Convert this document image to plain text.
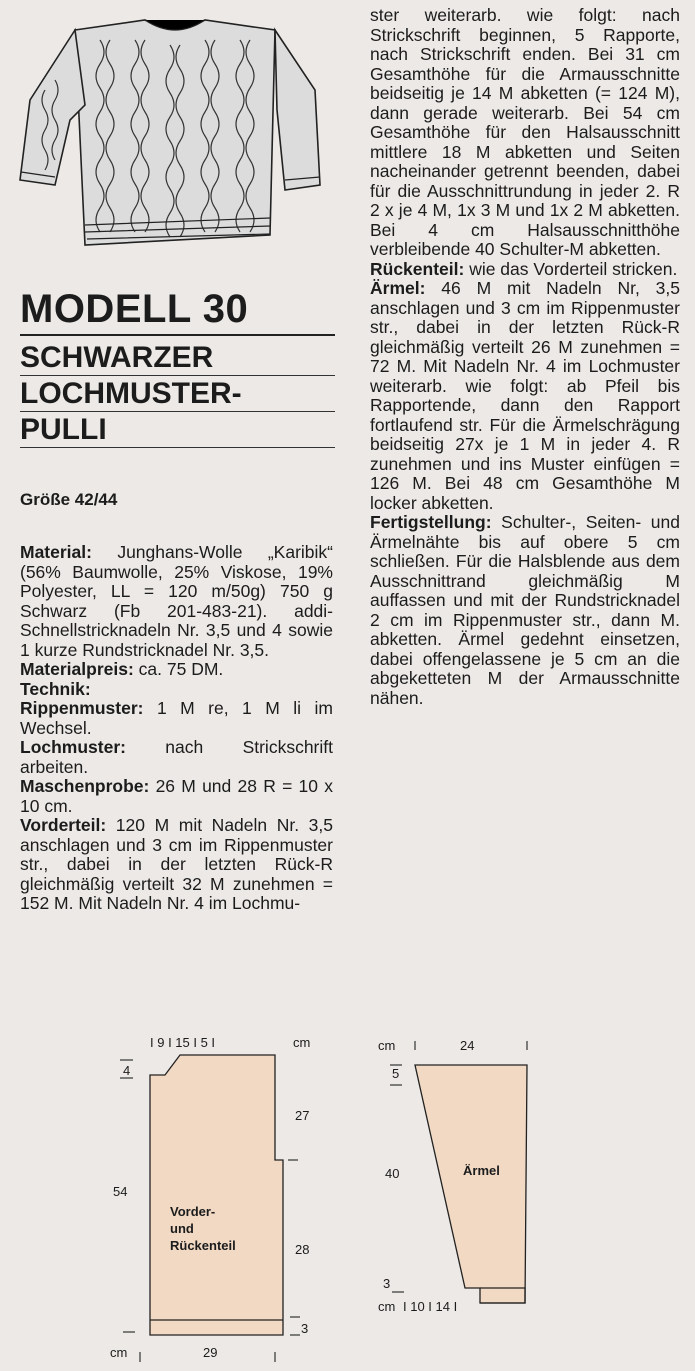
MODELL 30
SCHWARZER
LOCHMUSTER-
PULLI
Größe 42/44

Material: Junghans-Wolle „Karibik“ (56% Baumwolle, 25% Viskose, 19% Polyester, LL = 120 m/50g) 750 g Schwarz (Fb 201-483-21). addi-Schnellstricknadeln Nr. 3,5 und 4 sowie 1 kurze Rundstricknadel Nr. 3,5.

Materialpreis: ca. 75 DM.

Technik:

Rippenmuster: 1 M re, 1 M li im Wechsel.

Lochmuster: nach Strickschrift arbeiten.

Maschenprobe: 26 M und 28 R = 10 x 10 cm.

Vorderteil: 120 M mit Nadeln Nr. 3,5 anschlagen und 3 cm im Rippenmuster str., dabei in der letzten Rück-R gleichmäßig verteilt 32 M zunehmen = 152 M. Mit Nadeln Nr. 4 im Lochmu-

ster weiterarb. wie folgt: nach Strickschrift beginnen, 5 Rapporte, nach Strickschrift enden. Bei 31 cm Gesamthöhe für die Armausschnitte beidseitig je 14 M abketten (= 124 M), dann gerade weiterarb. Bei 54 cm Gesamthöhe für den Halsausschnitt mittlere 18 M abketten und Seiten nacheinander getrennt beenden, dabei für die Ausschnittrundung in jeder 2. R 2 x je 4 M, 1x 3 M und 1x 2 M abketten. Bei 4 cm Halsausschnitthöhe verbleibende 40 Schulter-M abketten.

Rückenteil: wie das Vorderteil stricken.

Ärmel: 46 M mit Nadeln Nr, 3,5 anschlagen und 3 cm im Rippenmuster str., dabei in der letzten Rück-R gleichmäßig verteilt 26 M zunehmen = 72 M. Mit Nadeln Nr. 4 im Lochmuster weiterarb. wie folgt: ab Pfeil bis Rapportende, dann den Rapport fortlaufend str. Für die Ärmelschrägung beidseitig 27x je 1 M in jeder 4. R zunehmen und ins Muster einfügen = 126 M. Bei 48 cm Gesamthöhe M locker abketten.

Fertigstellung: Schulter-, Seiten- und Ärmelnähte bis auf obere 5 cm schließen. Für die Halsblende aus dem Ausschnittrand gleichmäßig M auffassen und mit der Rundstricknadel 2 cm im Rippenmuster str., dann M. abketten. Ärmel gedehnt einsetzen, dabei offengelassene je 5 cm an die abgeketteten M der Armausschnitte nähen.

I 9 I 15 I 5 I	cm
4
54
27
28
3
cm	29
Vorder-
und
Rückenteil
cm	24
5
40
3
cm I 10 I 14 I
Ärmel
